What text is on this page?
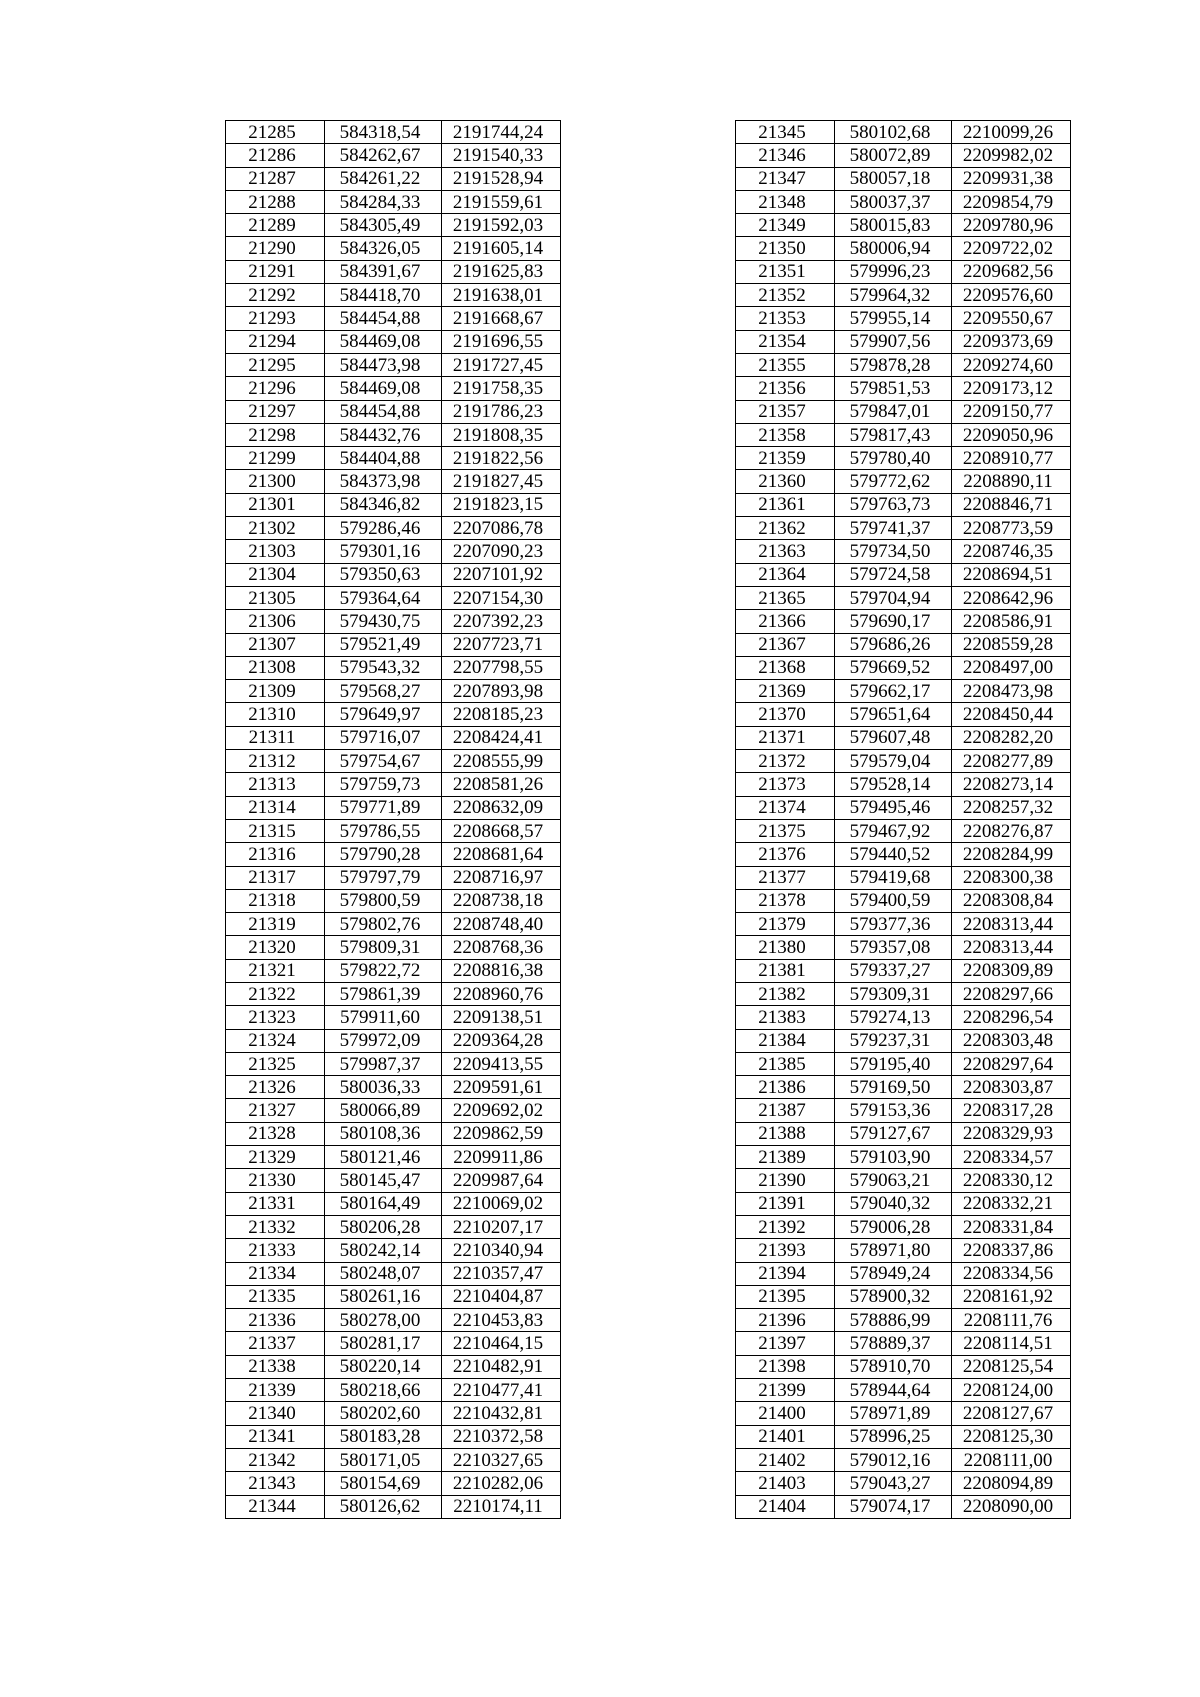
21285	584318,54	2191744,24
21286	584262,67	2191540,33
21287	584261,22	2191528,94
21288	584284,33	2191559,61
21289	584305,49	2191592,03
21290	584326,05	2191605,14
21291	584391,67	2191625,83
21292	584418,70	2191638,01
21293	584454,88	2191668,67
21294	584469,08	2191696,55
21295	584473,98	2191727,45
21296	584469,08	2191758,35
21297	584454,88	2191786,23
21298	584432,76	2191808,35
21299	584404,88	2191822,56
21300	584373,98	2191827,45
21301	584346,82	2191823,15
21302	579286,46	2207086,78
21303	579301,16	2207090,23
21304	579350,63	2207101,92
21305	579364,64	2207154,30
21306	579430,75	2207392,23
21307	579521,49	2207723,71
21308	579543,32	2207798,55
21309	579568,27	2207893,98
21310	579649,97	2208185,23
21311	579716,07	2208424,41
21312	579754,67	2208555,99
21313	579759,73	2208581,26
21314	579771,89	2208632,09
21315	579786,55	2208668,57
21316	579790,28	2208681,64
21317	579797,79	2208716,97
21318	579800,59	2208738,18
21319	579802,76	2208748,40
21320	579809,31	2208768,36
21321	579822,72	2208816,38
21322	579861,39	2208960,76
21323	579911,60	2209138,51
21324	579972,09	2209364,28
21325	579987,37	2209413,55
21326	580036,33	2209591,61
21327	580066,89	2209692,02
21328	580108,36	2209862,59
21329	580121,46	2209911,86
21330	580145,47	2209987,64
21331	580164,49	2210069,02
21332	580206,28	2210207,17
21333	580242,14	2210340,94
21334	580248,07	2210357,47
21335	580261,16	2210404,87
21336	580278,00	2210453,83
21337	580281,17	2210464,15
21338	580220,14	2210482,91
21339	580218,66	2210477,41
21340	580202,60	2210432,81
21341	580183,28	2210372,58
21342	580171,05	2210327,65
21343	580154,69	2210282,06
21344	580126,62	2210174,11
21345	580102,68	2210099,26
21346	580072,89	2209982,02
21347	580057,18	2209931,38
21348	580037,37	2209854,79
21349	580015,83	2209780,96
21350	580006,94	2209722,02
21351	579996,23	2209682,56
21352	579964,32	2209576,60
21353	579955,14	2209550,67
21354	579907,56	2209373,69
21355	579878,28	2209274,60
21356	579851,53	2209173,12
21357	579847,01	2209150,77
21358	579817,43	2209050,96
21359	579780,40	2208910,77
21360	579772,62	2208890,11
21361	579763,73	2208846,71
21362	579741,37	2208773,59
21363	579734,50	2208746,35
21364	579724,58	2208694,51
21365	579704,94	2208642,96
21366	579690,17	2208586,91
21367	579686,26	2208559,28
21368	579669,52	2208497,00
21369	579662,17	2208473,98
21370	579651,64	2208450,44
21371	579607,48	2208282,20
21372	579579,04	2208277,89
21373	579528,14	2208273,14
21374	579495,46	2208257,32
21375	579467,92	2208276,87
21376	579440,52	2208284,99
21377	579419,68	2208300,38
21378	579400,59	2208308,84
21379	579377,36	2208313,44
21380	579357,08	2208313,44
21381	579337,27	2208309,89
21382	579309,31	2208297,66
21383	579274,13	2208296,54
21384	579237,31	2208303,48
21385	579195,40	2208297,64
21386	579169,50	2208303,87
21387	579153,36	2208317,28
21388	579127,67	2208329,93
21389	579103,90	2208334,57
21390	579063,21	2208330,12
21391	579040,32	2208332,21
21392	579006,28	2208331,84
21393	578971,80	2208337,86
21394	578949,24	2208334,56
21395	578900,32	2208161,92
21396	578886,99	2208111,76
21397	578889,37	2208114,51
21398	578910,70	2208125,54
21399	578944,64	2208124,00
21400	578971,89	2208127,67
21401	578996,25	2208125,30
21402	579012,16	2208111,00
21403	579043,27	2208094,89
21404	579074,17	2208090,00
